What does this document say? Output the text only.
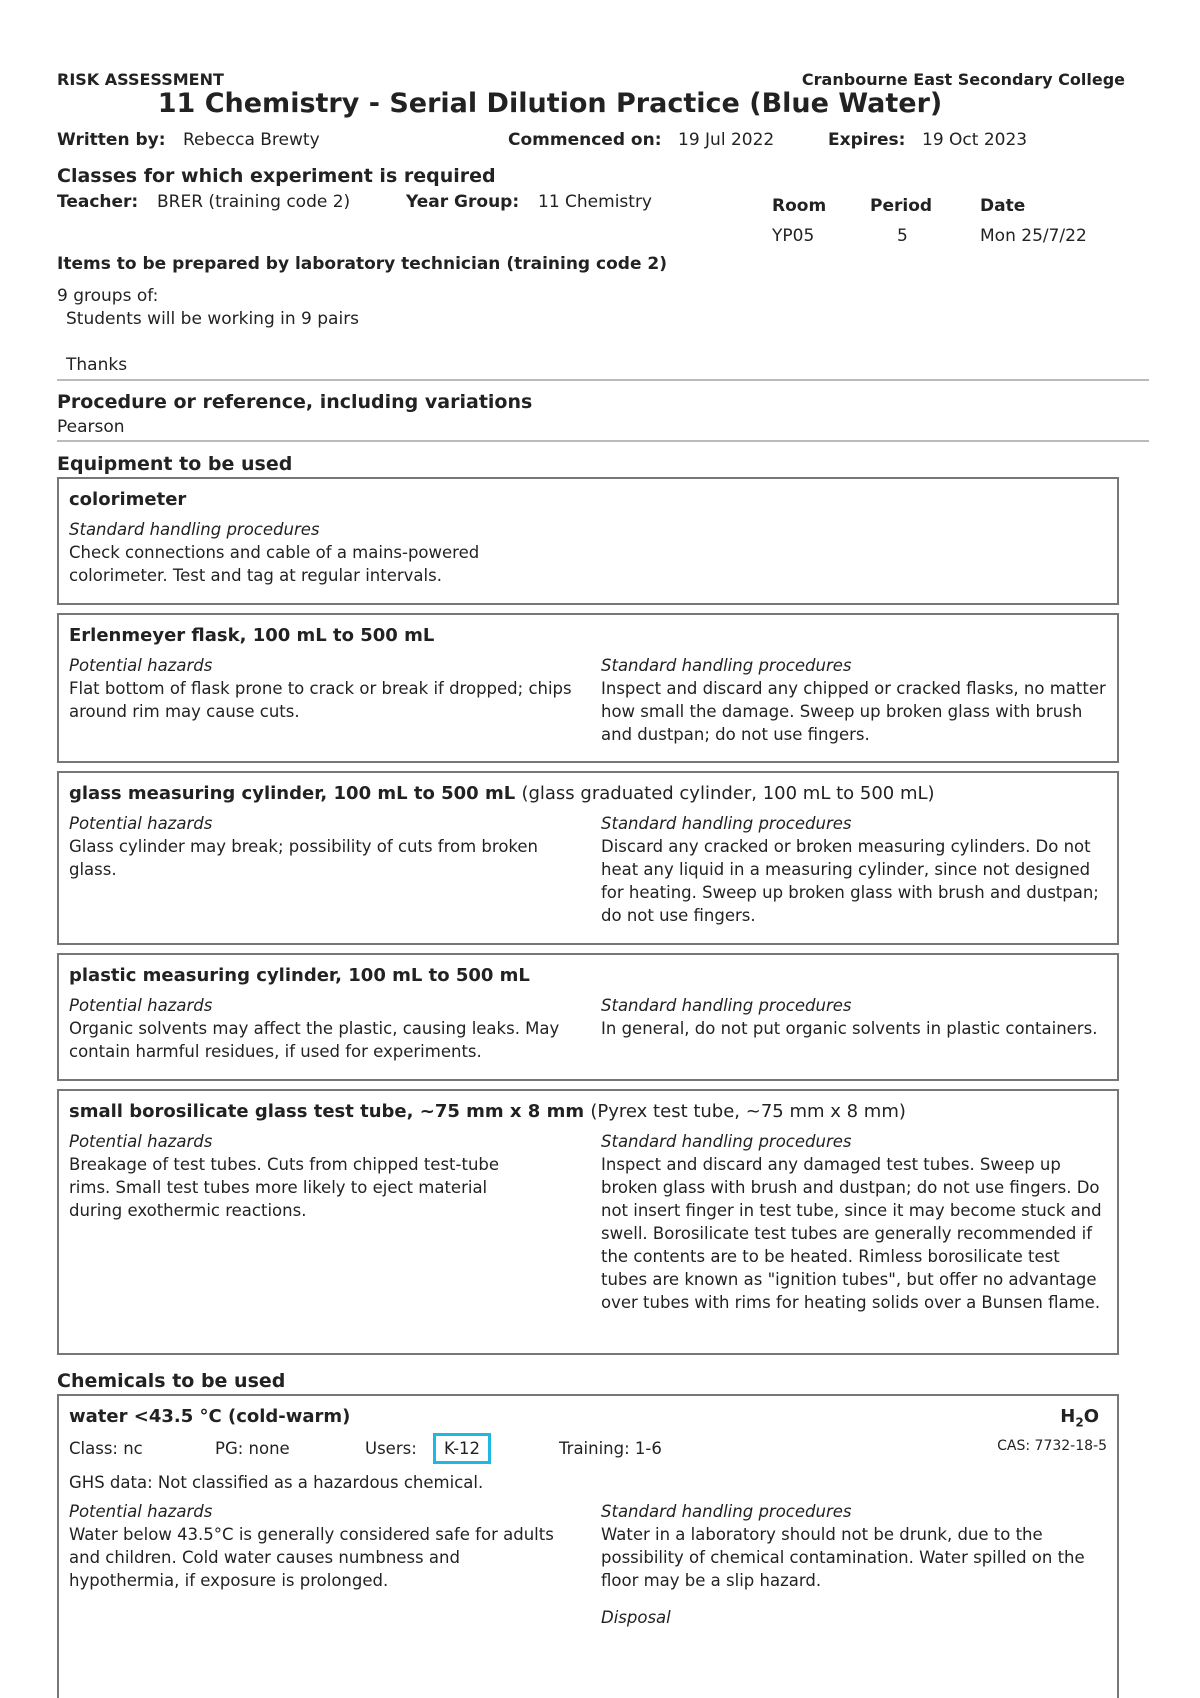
RISK ASSESSMENT	Cranbourne East Secondary College
11 Chemistry - Serial Dilution Practice (Blue Water)
Written by: Rebecca Brewty	Commenced on: 19 Jul 2022	Expires: 19 Oct 2023
Classes for which experiment is required
Teacher: BRER (training code 2)	Year Group: 11 Chemistry	Room	Period	Date
YP05	5	Mon 25/7/22
Items to be prepared by laboratory technician (training code 2)
9 groups of:
Students will be working in 9 pairs
Thanks
Procedure or reference, including variations
Pearson
Equipment to be used
colorimeter
Standard handling procedures
Check connections and cable of a mains-powered colorimeter. Test and tag at regular intervals.
Erlenmeyer flask, 100 mL to 500 mL
Potential hazards
Flat bottom of flask prone to crack or break if dropped; chips around rim may cause cuts.
Standard handling procedures
Inspect and discard any chipped or cracked flasks, no matter how small the damage. Sweep up broken glass with brush and dustpan; do not use fingers.
glass measuring cylinder, 100 mL to 500 mL (glass graduated cylinder, 100 mL to 500 mL)
Potential hazards
Glass cylinder may break; possibility of cuts from broken glass.
Standard handling procedures
Discard any cracked or broken measuring cylinders. Do not heat any liquid in a measuring cylinder, since not designed for heating. Sweep up broken glass with brush and dustpan; do not use fingers.
plastic measuring cylinder, 100 mL to 500 mL
Potential hazards
Organic solvents may affect the plastic, causing leaks. May contain harmful residues, if used for experiments.
Standard handling procedures
In general, do not put organic solvents in plastic containers.
small borosilicate glass test tube, ~75 mm x 8 mm (Pyrex test tube, ~75 mm x 8 mm)
Potential hazards
Breakage of test tubes. Cuts from chipped test-tube rims. Small test tubes more likely to eject material during exothermic reactions.
Standard handling procedures
Inspect and discard any damaged test tubes. Sweep up broken glass with brush and dustpan; do not use fingers. Do not insert finger in test tube, since it may become stuck and swell. Borosilicate test tubes are generally recommended if the contents are to be heated. Rimless borosilicate test tubes are known as "ignition tubes", but offer no advantage over tubes with rims for heating solids over a Bunsen flame.
Chemicals to be used
water <43.5 °C (cold-warm)	$H_2O$
CAS: 7732-18-5
Class: nc	PG: none	Users:	K-12	Training: 1-6
GHS data: Not classified as a hazardous chemical.
Potential hazards
Water below 43.5°C is generally considered safe for adults and children. Cold water causes numbness and hypothermia, if exposure is prolonged.
Standard handling procedures
Water in a laboratory should not be drunk, due to the possibility of chemical contamination. Water spilled on the floor may be a slip hazard.
Disposal
